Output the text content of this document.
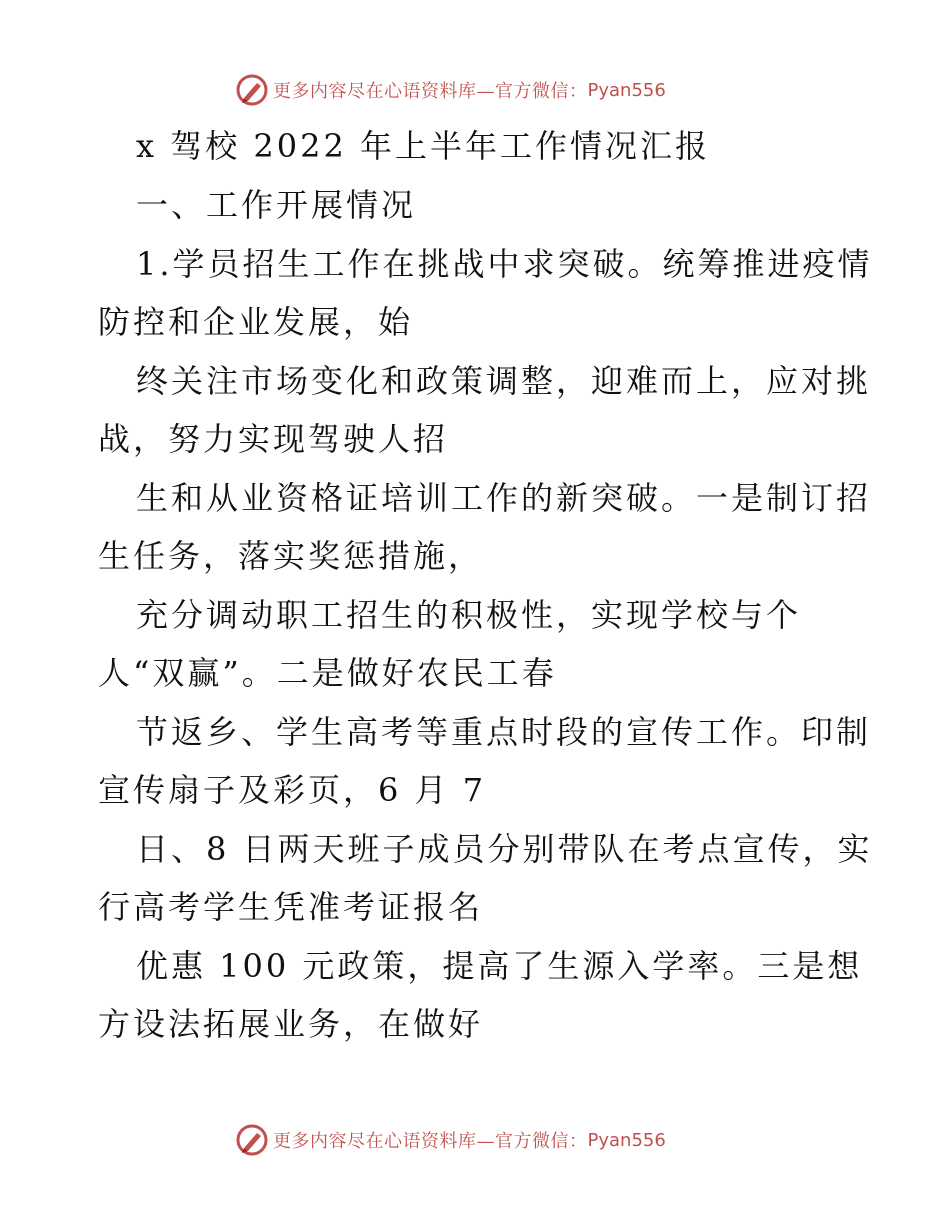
更多内容尽在心语资料库—官方微信： Pyan556
x 驾校 2022 年上半年工作情况汇报
一、工作开展情况
1.学员招生工作在挑战中求突破。统筹推进疫情
防控和企业发展，始
终关注市场变化和政策调整，迎难而上，应对挑
战，努力实现驾驶人招
生和从业资格证培训工作的新突破。一是制订招
生任务，落实奖惩措施，
充分调动职工招生的积极性，实现学校与个
人“双赢”。二是做好农民工春
节返乡、学生高考等重点时段的宣传工作。印制
宣传扇子及彩页，6 月 7
日、8 日两天班子成员分别带队在考点宣传，实
行高考学生凭准考证报名
优惠 100 元政策，提高了生源入学率。三是想
方设法拓展业务，在做好
更多内容尽在心语资料库—官方微信： Pyan556
